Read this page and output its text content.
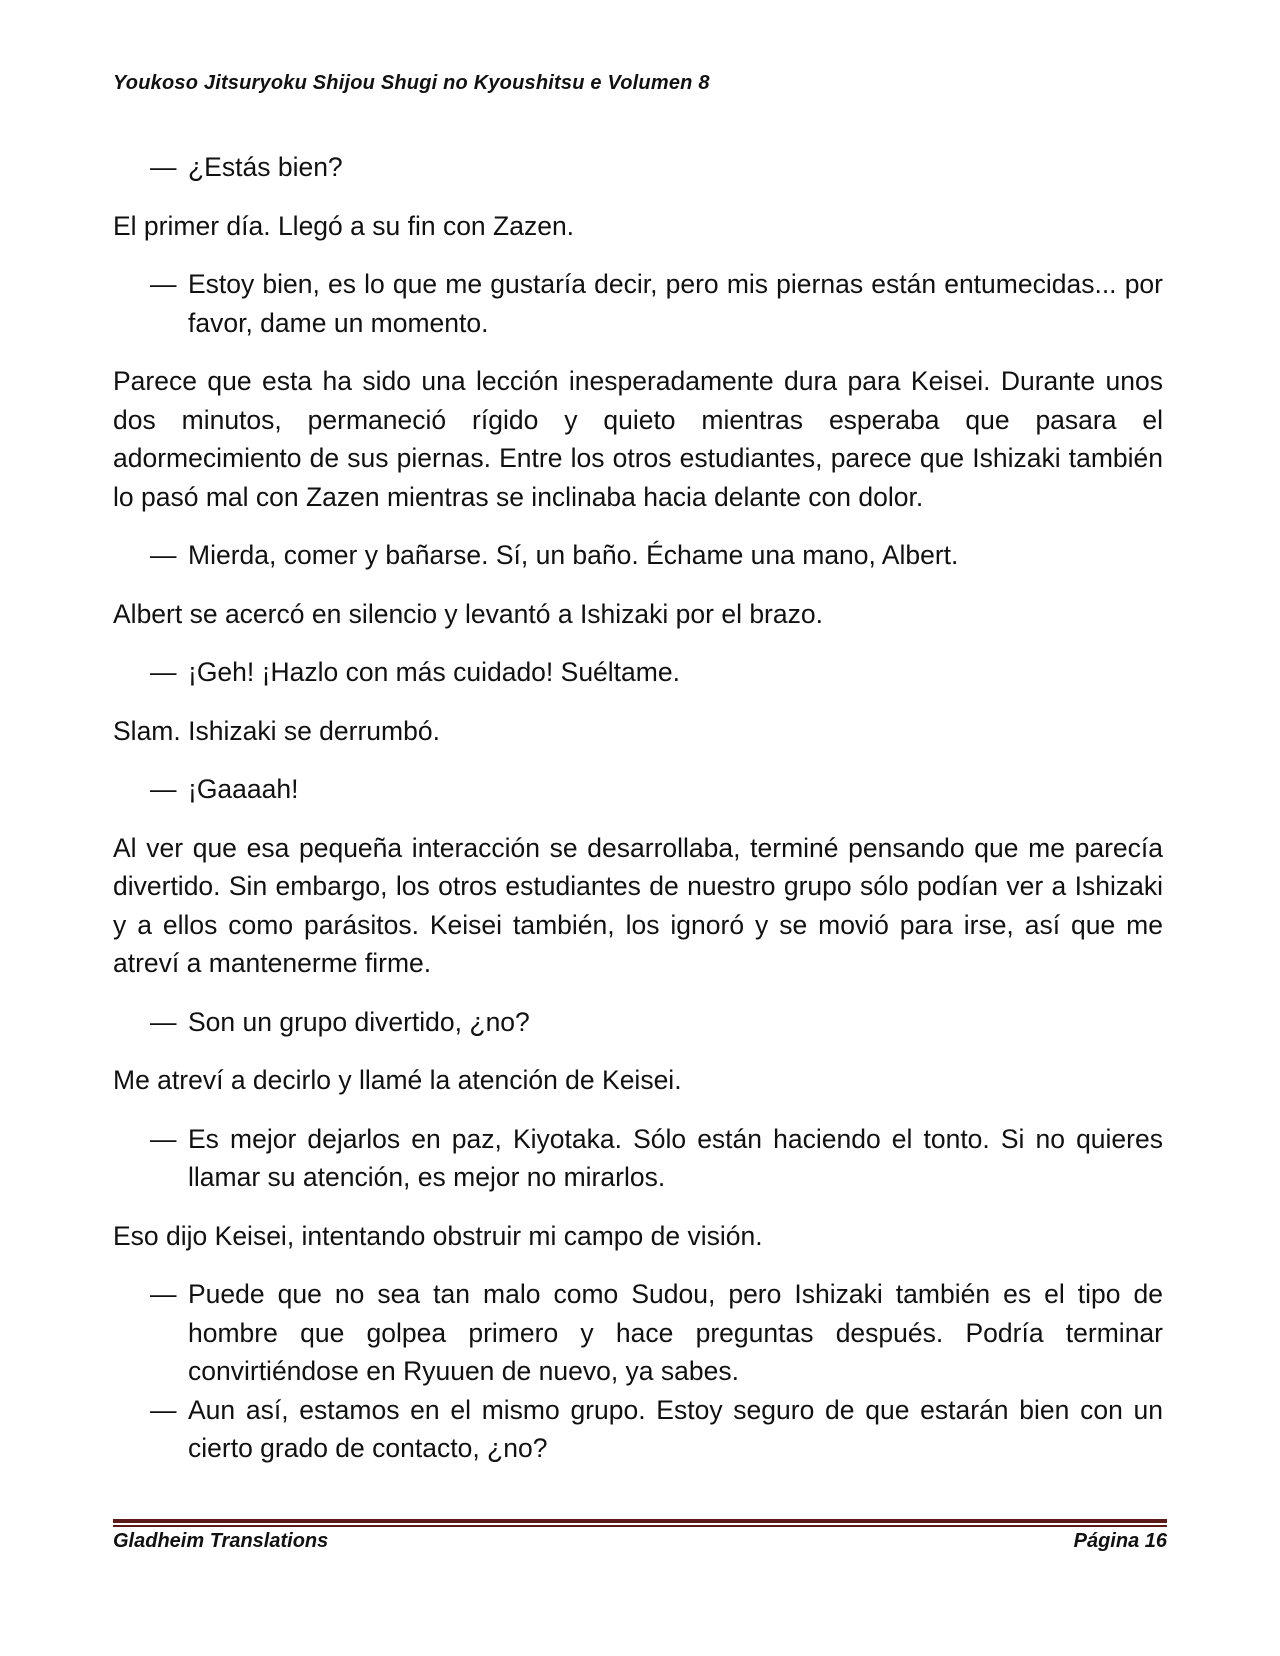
Youkoso Jitsuryoku Shijou Shugi no Kyoushitsu e Volumen 8

— ¿Estás bien?

El primer día. Llegó a su fin con Zazen.

— Estoy bien, es lo que me gustaría decir, pero mis piernas están entumecidas... por favor, dame un momento.

Parece que esta ha sido una lección inesperadamente dura para Keisei. Durante unos dos minutos, permaneció rígido y quieto mientras esperaba que pasara el adormecimiento de sus piernas. Entre los otros estudiantes, parece que Ishizaki también lo pasó mal con Zazen mientras se inclinaba hacia delante con dolor.

— Mierda, comer y bañarse. Sí, un baño. Échame una mano, Albert.

Albert se acercó en silencio y levantó a Ishizaki por el brazo.

— ¡Geh! ¡Hazlo con más cuidado! Suéltame.

Slam. Ishizaki se derrumbó.

— ¡Gaaaah!

Al ver que esa pequeña interacción se desarrollaba, terminé pensando que me parecía divertido. Sin embargo, los otros estudiantes de nuestro grupo sólo podían ver a Ishizaki y a ellos como parásitos. Keisei también, los ignoró y se movió para irse, así que me atreví a mantenerme firme.

— Son un grupo divertido, ¿no?

Me atreví a decirlo y llamé la atención de Keisei.

— Es mejor dejarlos en paz, Kiyotaka. Sólo están haciendo el tonto. Si no quieres llamar su atención, es mejor no mirarlos.

Eso dijo Keisei, intentando obstruir mi campo de visión.

— Puede que no sea tan malo como Sudou, pero Ishizaki también es el tipo de hombre que golpea primero y hace preguntas después. Podría terminar convirtiéndose en Ryuuen de nuevo, ya sabes.

— Aun así, estamos en el mismo grupo. Estoy seguro de que estarán bien con un cierto grado de contacto, ¿no?

Gladheim Translations	Página 16
